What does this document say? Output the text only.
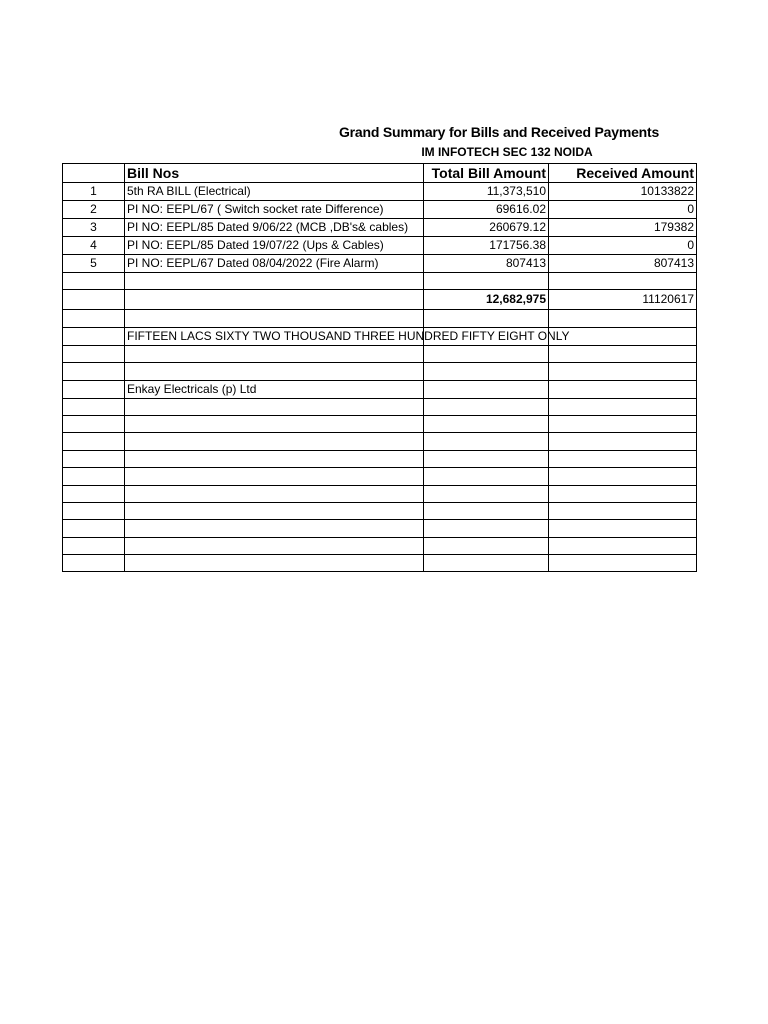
Grand Summary for Bills and Received Payments
IM INFOTECH SEC 132 NOIDA
	Bill Nos	Total Bill Amount	Received Amount
1	5th RA BILL (Electrical)	11,373,510	10133822
2	PI NO: EEPL/67 ( Switch socket rate Difference)	69616.02	0
3	PI NO: EEPL/85 Dated 9/06/22 (MCB ,DB's& cables)	260679.12	179382
4	PI NO: EEPL/85 Dated 19/07/22 (Ups & Cables)	171756.38	0
5	PI NO: EEPL/67 Dated 08/04/2022 (Fire Alarm)	807413	807413

		12,682,975	11120617

	FIFTEEN LACS SIXTY TWO THOUSAND THREE HUNDRED FIFTY EIGHT ONLY		

	Enkay Electricals (p) Ltd		
